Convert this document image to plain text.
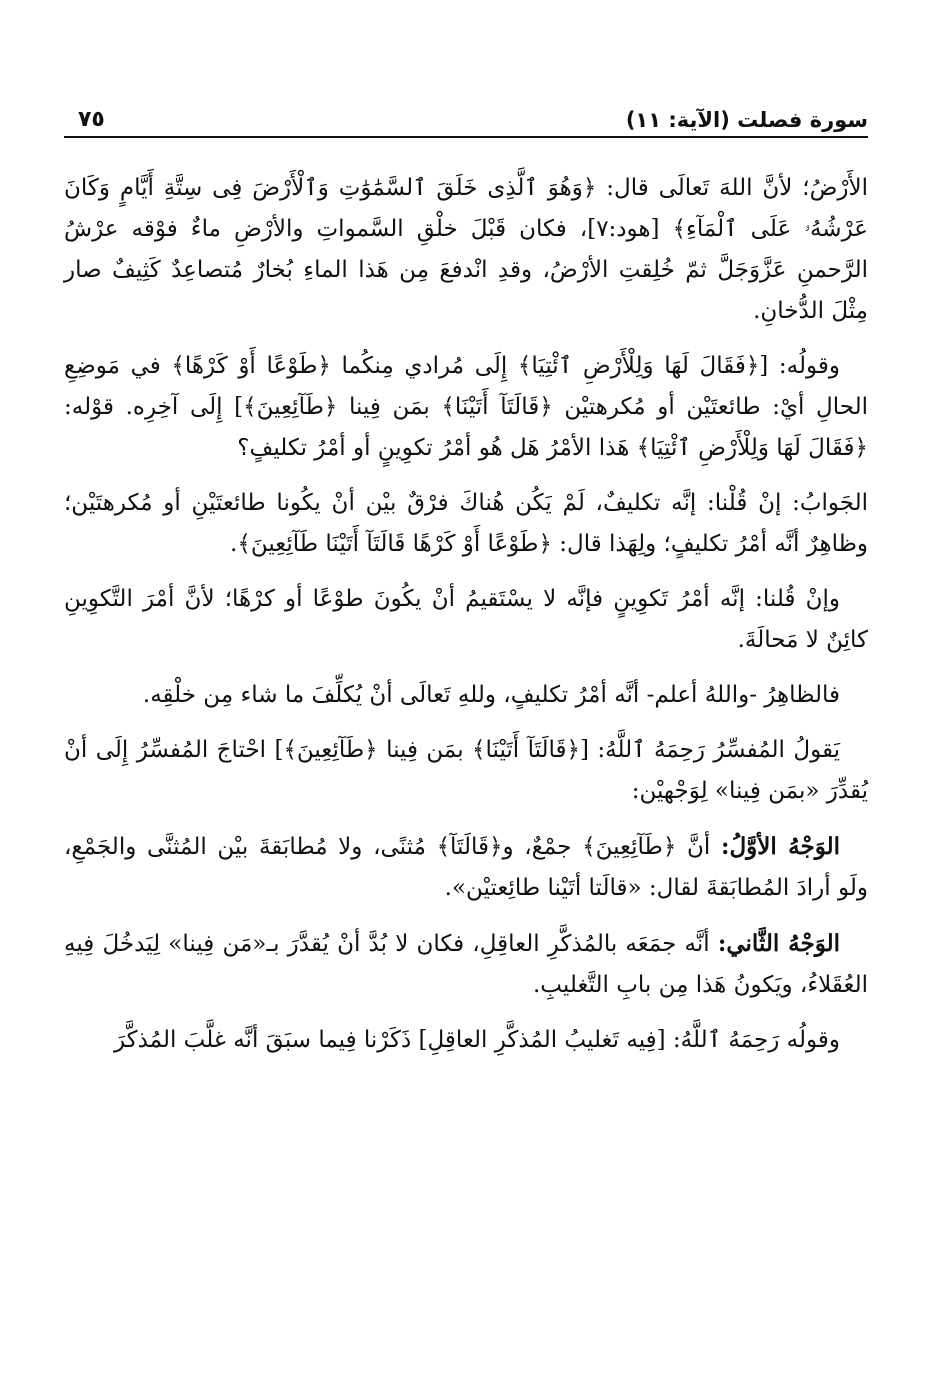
سورة فصلت (الآية: ١١)
٧٥

الأَرْضُ؛ لأنَّ اللهَ تَعالَى قال: ﴿وَهُوَ ٱلَّذِى خَلَقَ ٱلسَّمَٰوَٰتِ وَٱلْأَرْضَ فِى سِتَّةِ أَيَّامٍ وَكَانَ عَرْشُهُۥ عَلَى ٱلْمَآءِ﴾ [هود:٧]، فكان قَبْلَ خلْقِ السَّمواتِ والأرْضِ ماءٌ فوْقه عرْشُ الرَّحمنِ عَزَّوَجَلَّ ثمّ خُلِقتِ الأرْضُ، وقدِ انْدفعَ مِن هَذا الماءِ بُخارٌ مُتصاعِدٌ كَثِيفٌ صار مِثْلَ الدُّخانِ.

وقولُه: [﴿فَقَالَ لَهَا وَلِلْأَرْضِ ٱئْتِيَا﴾ إِلَى مُرادي مِنكُما ﴿طَوْعًا أَوْ كَرْهًا﴾ في مَوضِعِ الحالِ أيْ: طائعتَيْن أو مُكرهتيْن ﴿قَالَتَآ أَتَيْنَا﴾ بمَن فِينا ﴿طَآئِعِينَ﴾] إِلَى آخِرِه. قوْله: ﴿فَقَالَ لَهَا وَلِلْأَرْضِ ٱئْتِيَا﴾ هَذا الأمْرُ هَل هُو أمْرُ تكوِينٍ أو أمْرُ تكليفٍ؟

الجَوابُ: إنْ قُلْنا: إنَّه تكليفٌ، لَمْ يَكُن هُناكَ فرْقٌ بيْن أنْ يكُونا طائعتَيْنِ أو مُكرهتَيْن؛ وظاهِرٌ أنَّه أمْرُ تكليفٍ؛ ولِهَذا قال: ﴿طَوْعًا أَوْ كَرْهًا قَالَتَآ أَتَيْنَا طَآئِعِينَ﴾.

وإنْ قُلنا: إنَّه أمْرُ تَكوِينٍ فإنَّه لا يسْتَقيمُ أنْ يكُونَ طوْعًا أو كرْهًا؛ لأنَّ أمْرَ التَّكوِينِ كائِنٌ لا مَحالَةَ.

فالظاهِرُ -واللهُ أعلم- أنَّه أمْرُ تكليفٍ، وللهِ تَعالَى أنْ يُكلِّفَ ما شاء مِن خلْقِه.

يَقولُ المُفسِّرُ رَحِمَهُ ٱللَّهُ: [﴿قَالَتَآ أَتَيْنَا﴾ بمَن فِينا ﴿طَآئِعِينَ﴾] احْتاجَ المُفسِّرُ إِلَى أنْ يُقدِّرَ «بمَن فِينا» لِوَجْهيْن:

الوَجْهُ الأوَّلُ: أنَّ ﴿طَآئِعِينَ﴾ جمْعٌ، و﴿قَالَتَآ﴾ مُثنًى، ولا مُطابَقةَ بيْن المُثنَّى والجَمْعِ، ولَو أرادَ المُطابَقةَ لقال: «قالَتا أتَيْنا طائِعتيْن».

الوَجْهُ الثَّاني: أنَّه جمَعَه بالمُذكَّرِ العاقِلِ، فكان لا بُدَّ أنْ يُقدَّرَ بـ«مَن فِينا» لِيَدخُلَ فِيهِ العُقَلاءُ، ويَكونُ هَذا مِن بابِ التَّغليبِ.

وقولُه رَحِمَهُ ٱللَّهُ: [فِيه تَغليبُ المُذكَّرِ العاقِلِ] ذَكَرْنا فِيما سبَقَ أنَّه غلَّبَ المُذكَّرَ
